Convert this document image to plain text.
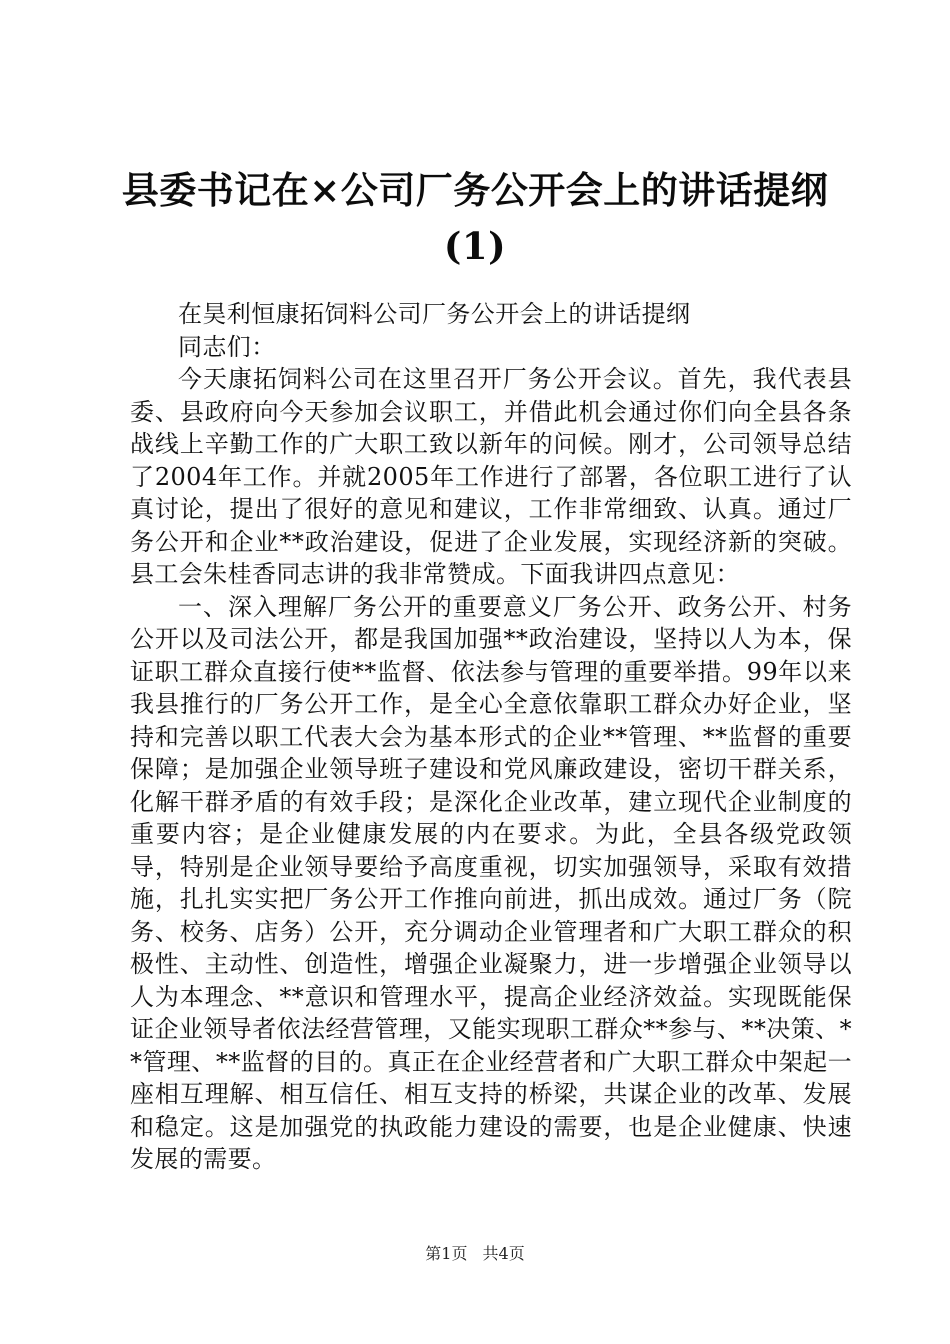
县委书记在×公司厂务公开会上的讲话提纲(1)

在昊利恒康拓饲料公司厂务公开会上的讲话提纲

同志们：

今天康拓饲料公司在这里召开厂务公开会议。首先，我代表县委、县政府向今天参加会议职工，并借此机会通过你们向全县各条战线上辛勤工作的广大职工致以新年的问候。刚才，公司领导总结了2004年工作。并就2005年工作进行了部署，各位职工进行了认真讨论，提出了很好的意见和建议，工作非常细致、认真。通过厂务公开和企业**政治建设，促进了企业发展，实现经济新的突破。县工会朱桂香同志讲的我非常赞成。下面我讲四点意见：

一、深入理解厂务公开的重要意义厂务公开、政务公开、村务公开以及司法公开，都是我国加强**政治建设，坚持以人为本，保证职工群众直接行使**监督、依法参与管理的重要举措。99年以来我县推行的厂务公开工作，是全心全意依靠职工群众办好企业，坚持和完善以职工代表大会为基本形式的企业**管理、**监督的重要保障；是加强企业领导班子建设和党风廉政建设，密切干群关系，化解干群矛盾的有效手段；是深化企业改革，建立现代企业制度的重要内容；是企业健康发展的内在要求。为此，全县各级党政领导，特别是企业领导要给予高度重视，切实加强领导，采取有效措施，扎扎实实把厂务公开工作推向前进，抓出成效。通过厂务（院务、校务、店务）公开，充分调动企业管理者和广大职工群众的积极性、主动性、创造性，增强企业凝聚力，进一步增强企业领导以人为本理念、**意识和管理水平，提高企业经济效益。实现既能保证企业领导者依法经营管理，又能实现职工群众**参与、**决策、**管理、**监督的目的。真正在企业经营者和广大职工群众中架起一座相互理解、相互信任、相互支持的桥梁，共谋企业的改革、发展和稳定。这是加强党的执政能力建设的需要，也是企业健康、快速发展的需要。

第1页 共4页
